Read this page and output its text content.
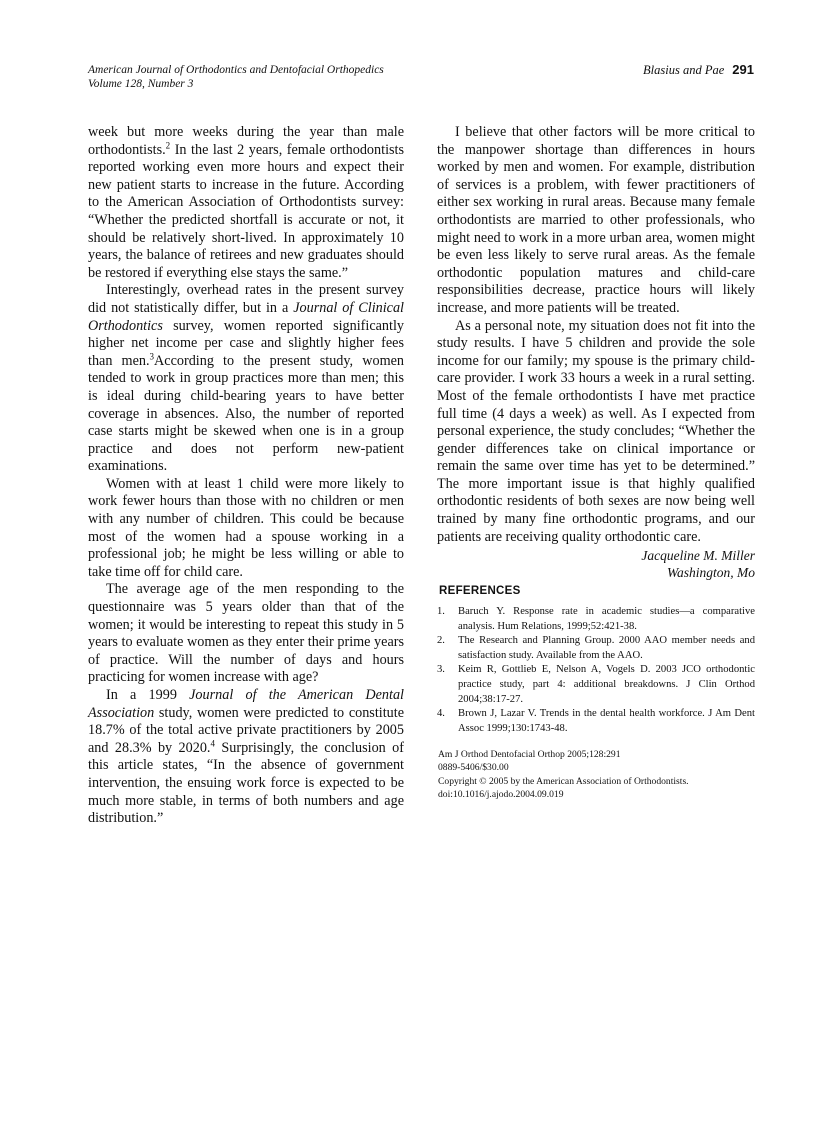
American Journal of Orthodontics and Dentofacial Orthopedics
Volume 128, Number 3
Blasius and Pae 291

week but more weeks during the year than male orthodontists.$^2$ In the last 2 years, female orthodontists reported working even more hours and expect their new patient starts to increase in the future. According to the American Association of Orthodontists survey: “Whether the predicted shortfall is accurate or not, it should be relatively short-lived. In approximately 10 years, the balance of retirees and new graduates should be restored if everything else stays the same.”

Interestingly, overhead rates in the present survey did not statistically differ, but in a Journal of Clinical Orthodontics survey, women reported significantly higher net income per case and slightly higher fees than men.$^3$According to the present study, women tended to work in group practices more than men; this is ideal during child-bearing years to have better coverage in absences. Also, the number of reported case starts might be skewed when one is in a group practice and does not perform new-patient examinations.

Women with at least 1 child were more likely to work fewer hours than those with no children or men with any number of children. This could be because most of the women had a spouse working in a professional job; he might be less willing or able to take time off for child care.

The average age of the men responding to the questionnaire was 5 years older than that of the women; it would be interesting to repeat this study in 5 years to evaluate women as they enter their prime years of practice. Will the number of days and hours practicing for women increase with age?

In a 1999 Journal of the American Dental Association study, women were predicted to constitute 18.7% of the total active private practitioners by 2005 and 28.3% by 2020.$^4$ Surprisingly, the conclusion of this article states, “In the absence of government intervention, the ensuing work force is expected to be much more stable, in terms of both numbers and age distribution.”

I believe that other factors will be more critical to the manpower shortage than differences in hours worked by men and women. For example, distribution of services is a problem, with fewer practitioners of either sex working in rural areas. Because many female orthodontists are married to other professionals, who might need to work in a more urban area, women might be even less likely to serve rural areas. As the female orthodontic population matures and child-care responsibilities decrease, practice hours will likely increase, and more patients will be treated.

As a personal note, my situation does not fit into the study results. I have 5 children and provide the sole income for our family; my spouse is the primary child-care provider. I work 33 hours a week in a rural setting. Most of the female orthodontists I have met practice full time (4 days a week) as well. As I expected from personal experience, the study concludes; “Whether the gender differences take on clinical importance or remain the same over time has yet to be determined.” The more important issue is that highly qualified orthodontic residents of both sexes are now being well trained by many fine orthodontic programs, and our patients are receiving quality orthodontic care.

Jacqueline M. Miller
Washington, Mo
REFERENCES
1. Baruch Y. Response rate in academic studies—a comparative analysis. Hum Relations, 1999;52:421-38.
2. The Research and Planning Group. 2000 AAO member needs and satisfaction study. Available from the AAO.
3. Keim R, Gottlieb E, Nelson A, Vogels D. 2003 JCO orthodontic practice study, part 4: additional breakdowns. J Clin Orthod 2004;38:17-27.
4. Brown J, Lazar V. Trends in the dental health workforce. J Am Dent Assoc 1999;130:1743-48.
Am J Orthod Dentofacial Orthop 2005;128:291
0889-5406/$30.00
Copyright © 2005 by the American Association of Orthodontists.
doi:10.1016/j.ajodo.2004.09.019
